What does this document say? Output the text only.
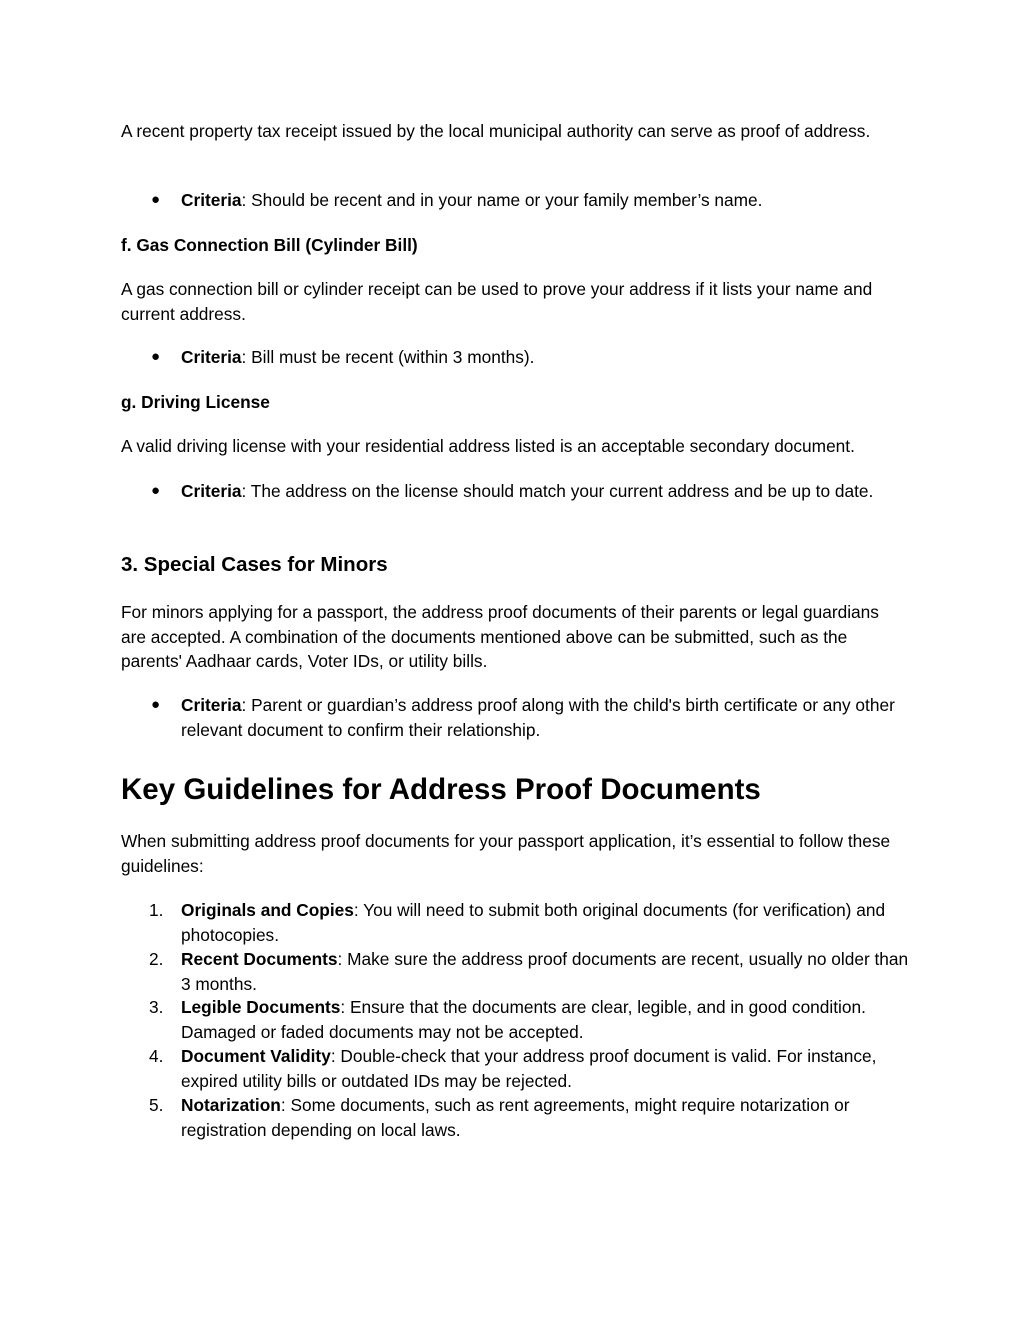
A recent property tax receipt issued by the local municipal authority can serve as proof of address.

● Criteria: Should be recent and in your name or your family member’s name.

f. Gas Connection Bill (Cylinder Bill)

A gas connection bill or cylinder receipt can be used to prove your address if it lists your name and current address.

● Criteria: Bill must be recent (within 3 months).

g. Driving License

A valid driving license with your residential address listed is an acceptable secondary document.

● Criteria: The address on the license should match your current address and be up to date.

3. Special Cases for Minors

For minors applying for a passport, the address proof documents of their parents or legal guardians are accepted. A combination of the documents mentioned above can be submitted, such as the parents' Aadhaar cards, Voter IDs, or utility bills.

● Criteria: Parent or guardian’s address proof along with the child's birth certificate or any other relevant document to confirm their relationship.

Key Guidelines for Address Proof Documents

When submitting address proof documents for your passport application, it’s essential to follow these guidelines:

1. Originals and Copies: You will need to submit both original documents (for verification) and photocopies.

2. Recent Documents: Make sure the address proof documents are recent, usually no older than 3 months.

3. Legible Documents: Ensure that the documents are clear, legible, and in good condition. Damaged or faded documents may not be accepted.

4. Document Validity: Double-check that your address proof document is valid. For instance, expired utility bills or outdated IDs may be rejected.

5. Notarization: Some documents, such as rent agreements, might require notarization or registration depending on local laws.
